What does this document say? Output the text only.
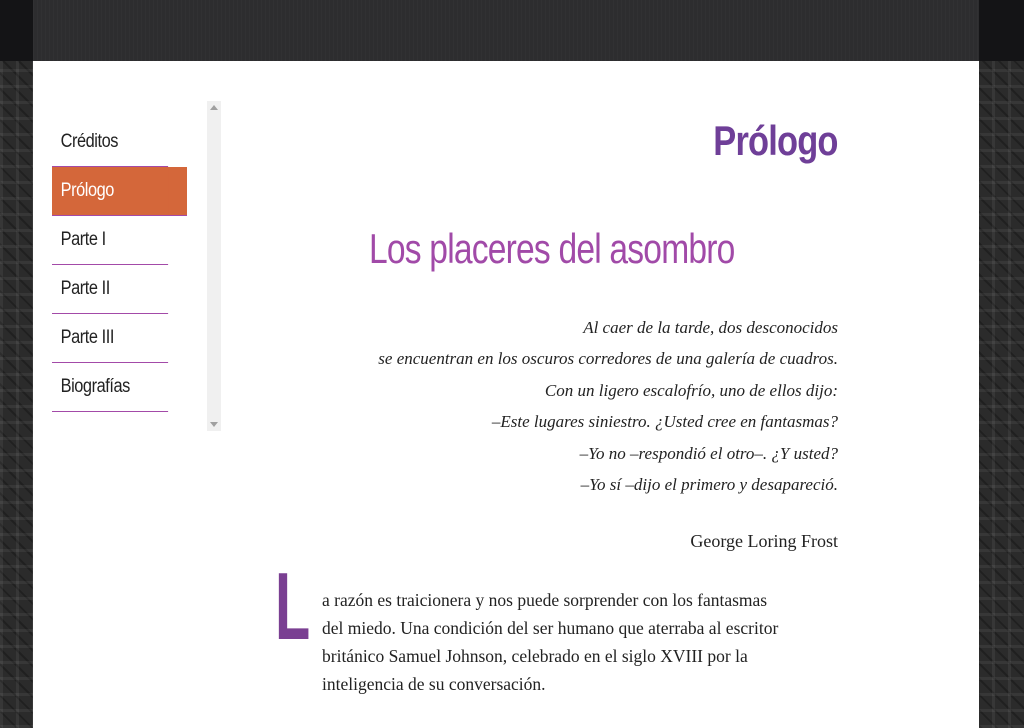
Créditos
Prólogo
Parte I
Parte II
Parte III
Biografías
Prólogo
Los placeres del asombro
Al caer de la tarde, dos desconocidos
se encuentran en los oscuros corredores de una galería de cuadros.
Con un ligero escalofrío, uno de ellos dijo:
–Este lugares siniestro. ¿Usted cree en fantasmas?
–Yo no –respondió el otro–. ¿Y usted?
–Yo sí –dijo el primero y desapareció.
George Loring Frost
L a razón es traicionera y nos puede sorprender con los fantasmas
del miedo. Una condición del ser humano que aterraba al escritor
británico Samuel Johnson, celebrado en el siglo XVIII por la
inteligencia de su conversación.
